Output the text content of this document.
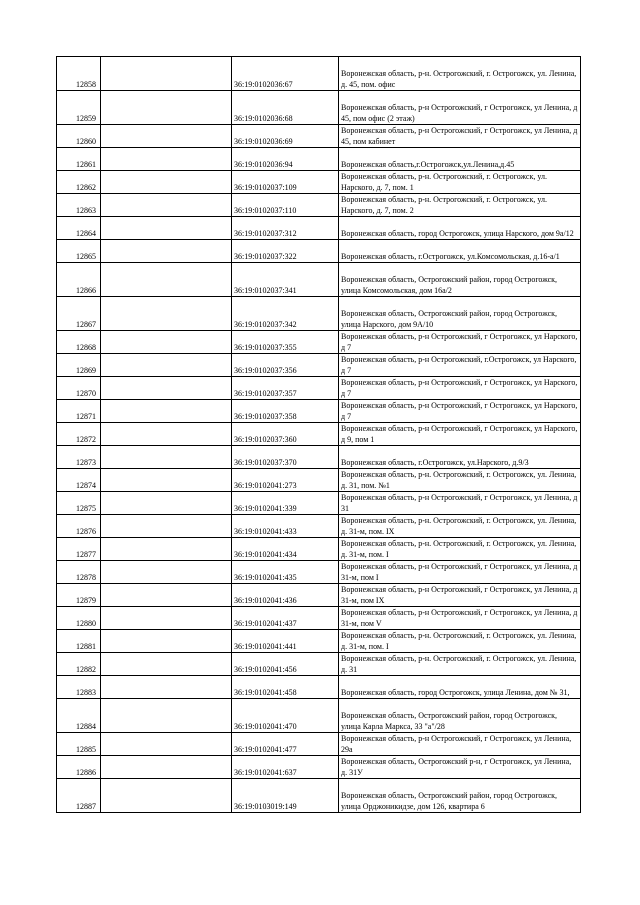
12858		36:19:0102036:67	Воронежская область, р-н. Острогожский, г. Острогожск, ул. Ленина, д. 45, пом. офис
12859		36:19:0102036:68	Воронежская область, р-н Острогожский, г Острогожск, ул Ленина, д 45, пом офис (2 этаж)
12860		36:19:0102036:69	Воронежская область, р-н Острогожский, г Острогожск, ул Ленина, д 45, пом кабинет
12861		36:19:0102036:94	Воронежская область,г.Острогожск,ул.Ленина,д.45
12862		36:19:0102037:109	Воронежская область, р-н. Острогожский, г. Острогожск, ул. Нарского, д. 7, пом. 1
12863		36:19:0102037:110	Воронежская область, р-н. Острогожский, г. Острогожск, ул. Нарского, д. 7, пом. 2
12864		36:19:0102037:312	Воронежская область, город Острогожск, улица Нарского, дом 9а/12
12865		36:19:0102037:322	Воронежская область, г.Острогожск, ул.Комсомольская, д.16-а/1
12866		36:19:0102037:341	Воронежская область, Острогожский район, город Острогожск, улица Комсомольская, дом 16а/2
12867		36:19:0102037:342	Воронежская область, Острогожский район, город Острогожск, улица Нарского, дом 9А/10
12868		36:19:0102037:355	Воронежская область, р-н Острогожский, г Острогожск, ул Нарского, д 7
12869		36:19:0102037:356	Воронежская область, р-н Острогожский, г.Острогожск, ул Нарского, д 7
12870		36:19:0102037:357	Воронежская область, р-н Острогожский, г Острогожск, ул Нарского, д 7
12871		36:19:0102037:358	Воронежская область, р-н Острогожский, г Острогожск, ул Нарского, д 7
12872		36:19:0102037:360	Воронежская область, р-н Острогожский, г Острогожск, ул Нарского, д 9, пом 1
12873		36:19:0102037:370	Воронежская область, г.Острогожск, ул.Нарского, д.9/3
12874		36:19:0102041:273	Воронежская область, р-н. Острогожский, г. Острогожск, ул. Ленина, д. 31, пом. №1
12875		36:19:0102041:339	Воронежская область, р-н Острогожский, г Острогожск, ул Ленина, д 31
12876		36:19:0102041:433	Воронежская область, р-н. Острогожский, г. Острогожск, ул. Ленина, д. 31-м, пом. IX
12877		36:19:0102041:434	Воронежская область, р-н. Острогожский, г. Острогожск, ул. Ленина, д. 31-м, пом. I
12878		36:19:0102041:435	Воронежская область, р-н Острогожский, г Острогожск, ул Ленина, д 31-м, пом I
12879		36:19:0102041:436	Воронежская область, р-н Острогожский, г Острогожск, ул Ленина, д 31-м, пом IX
12880		36:19:0102041:437	Воронежская область, р-н Острогожский, г Острогожск, ул Ленина, д 31-м, пом V
12881		36:19:0102041:441	Воронежская область, р-н. Острогожский, г. Острогожск, ул. Ленина, д. 31-м, пом. I
12882		36:19:0102041:456	Воронежская область, р-н. Острогожский, г. Острогожск, ул. Ленина, д. 31
12883		36:19:0102041:458	Воронежская область, город Острогожск, улица Ленина, дом № 31,
12884		36:19:0102041:470	Воронежская область, Острогожский район, город Острогожск, улица Карла Маркса, 33 "а"/28
12885		36:19:0102041:477	Воронежская область, р-н Острогожский, г Острогожск, ул Ленина, 29а
12886		36:19:0102041:637	Воронежская область, Острогожский р-н, г Острогожск, ул Ленина, д. 31У
12887		36:19:0103019:149	Воронежская область, Острогожский район, город Острогожск, улица Орджоникидзе, дом 126, квартира 6
